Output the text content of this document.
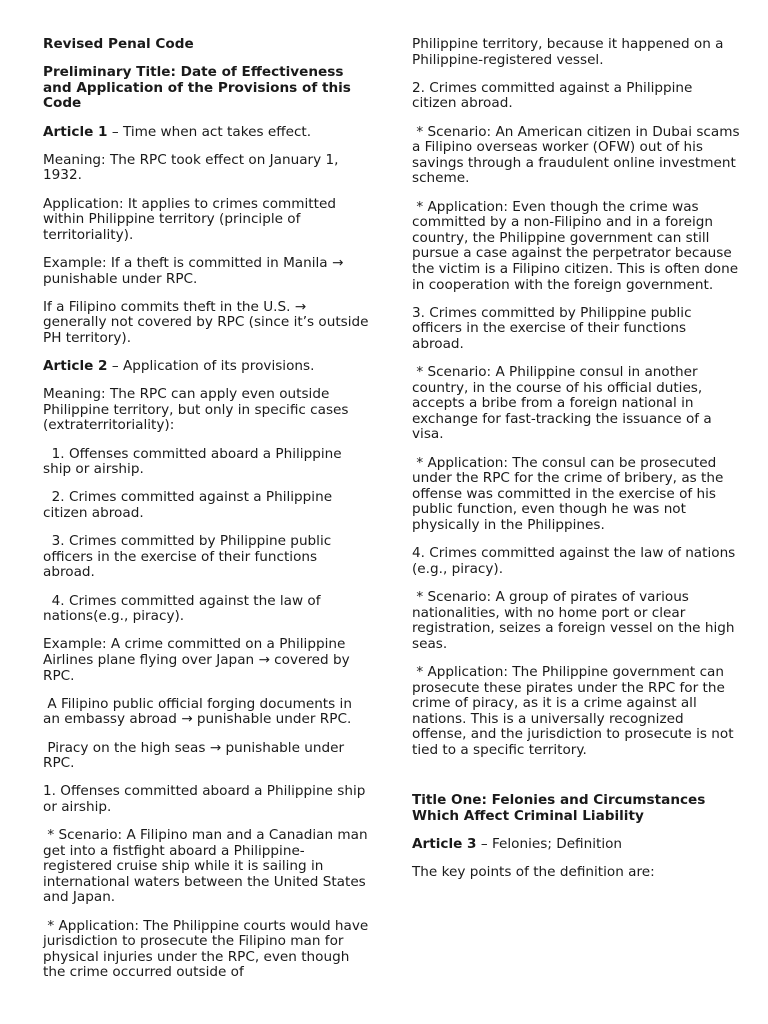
Revised Penal Code

Preliminary Title: Date of Effectiveness and Application of the Provisions of this Code

Article 1 – Time when act takes effect.

Meaning: The RPC took effect on January 1, 1932.

Application: It applies to crimes committed within Philippine territory (principle of territoriality).

Example: If a theft is committed in Manila → punishable under RPC.

If a Filipino commits theft in the U.S. → generally not covered by RPC (since it’s outside PH territory).

Article 2 – Application of its provisions.

Meaning: The RPC can apply even outside Philippine territory, but only in specific cases (extraterritoriality):

1. Offenses committed aboard a Philippine ship or airship.

2. Crimes committed against a Philippine citizen abroad.

3. Crimes committed by Philippine public officers in the exercise of their functions abroad.

4. Crimes committed against the law of nations(e.g., piracy).

Example: A crime committed on a Philippine Airlines plane flying over Japan → covered by RPC.

A Filipino public official forging documents in an embassy abroad → punishable under RPC.

Piracy on the high seas → punishable under RPC.

1. Offenses committed aboard a Philippine ship or airship.

* Scenario: A Filipino man and a Canadian man get into a fistfight aboard a Philippine-registered cruise ship while it is sailing in international waters between the United States and Japan.

* Application: The Philippine courts would have jurisdiction to prosecute the Filipino man for physical injuries under the RPC, even though the crime occurred outside of

Philippine territory, because it happened on a Philippine-registered vessel.

2. Crimes committed against a Philippine citizen abroad.

* Scenario: An American citizen in Dubai scams a Filipino overseas worker (OFW) out of his savings through a fraudulent online investment scheme.

* Application: Even though the crime was committed by a non-Filipino and in a foreign country, the Philippine government can still pursue a case against the perpetrator because the victim is a Filipino citizen. This is often done in cooperation with the foreign government.

3. Crimes committed by Philippine public officers in the exercise of their functions abroad.

* Scenario: A Philippine consul in another country, in the course of his official duties, accepts a bribe from a foreign national in exchange for fast-tracking the issuance of a visa.

* Application: The consul can be prosecuted under the RPC for the crime of bribery, as the offense was committed in the exercise of his public function, even though he was not physically in the Philippines.

4. Crimes committed against the law of nations (e.g., piracy).

* Scenario: A group of pirates of various nationalities, with no home port or clear registration, seizes a foreign vessel on the high seas.

* Application: The Philippine government can prosecute these pirates under the RPC for the crime of piracy, as it is a crime against all nations. This is a universally recognized offense, and the jurisdiction to prosecute is not tied to a specific territory.

Title One: Felonies and Circumstances Which Affect Criminal Liability

Article 3 – Felonies; Definition

The key points of the definition are:
